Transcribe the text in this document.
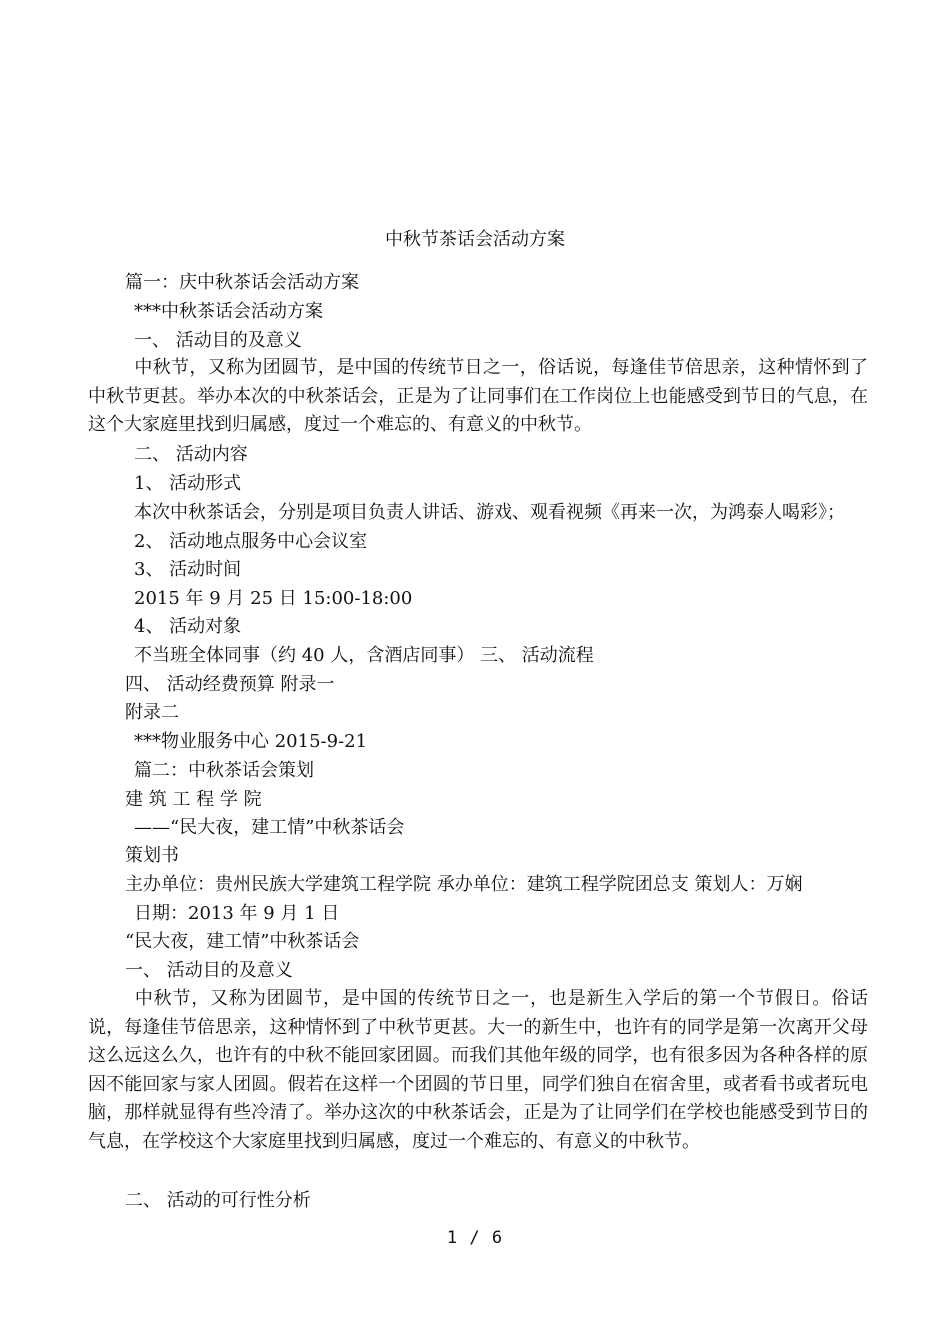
中秋节茶话会活动方案
篇一：庆中秋茶话会活动方案
***中秋茶话会活动方案
一、 活动目的及意义
中秋节，又称为团圆节，是中国的传统节日之一，俗话说，每逢佳节倍思亲，这种情怀到了中秋节更甚。举办本次的中秋茶话会，正是为了让同事们在工作岗位上也能感受到节日的气息，在这个大家庭里找到归属感，度过一个难忘的、有意义的中秋节。
二、 活动内容
1、 活动形式
本次中秋茶话会，分别是项目负责人讲话、游戏、观看视频《再来一次，为鸿泰人喝彩》；
2、 活动地点服务中心会议室
3、 活动时间
2015 年 9 月 25 日 15:00-18:00
4、 活动对象
不当班全体同事（约 40 人，含酒店同事） 三、 活动流程
四、 活动经费预算 附录一
附录二
***物业服务中心 2015-9-21
篇二：中秋茶话会策划
建 筑 工 程 学 院
——“民大夜，建工情”中秋茶话会
策划书
主办单位：贵州民族大学建筑工程学院 承办单位：建筑工程学院团总支 策划人：万娴
日期：2013 年 9 月 1 日
“民大夜，建工情”中秋茶话会
一、 活动目的及意义
中秋节，又称为团圆节，是中国的传统节日之一，也是新生入学后的第一个节假日。俗话说，每逢佳节倍思亲，这种情怀到了中秋节更甚。大一的新生中，也许有的同学是第一次离开父母这么远这么久，也许有的中秋不能回家团圆。而我们其他年级的同学，也有很多因为各种各样的原因不能回家与家人团圆。假若在这样一个团圆的节日里，同学们独自在宿舍里，或者看书或者玩电脑，那样就显得有些冷清了。举办这次的中秋茶话会，正是为了让同学们在学校也能感受到节日的气息，在学校这个大家庭里找到归属感，度过一个难忘的、有意义的中秋节。
二、 活动的可行性分析
1 / 6
